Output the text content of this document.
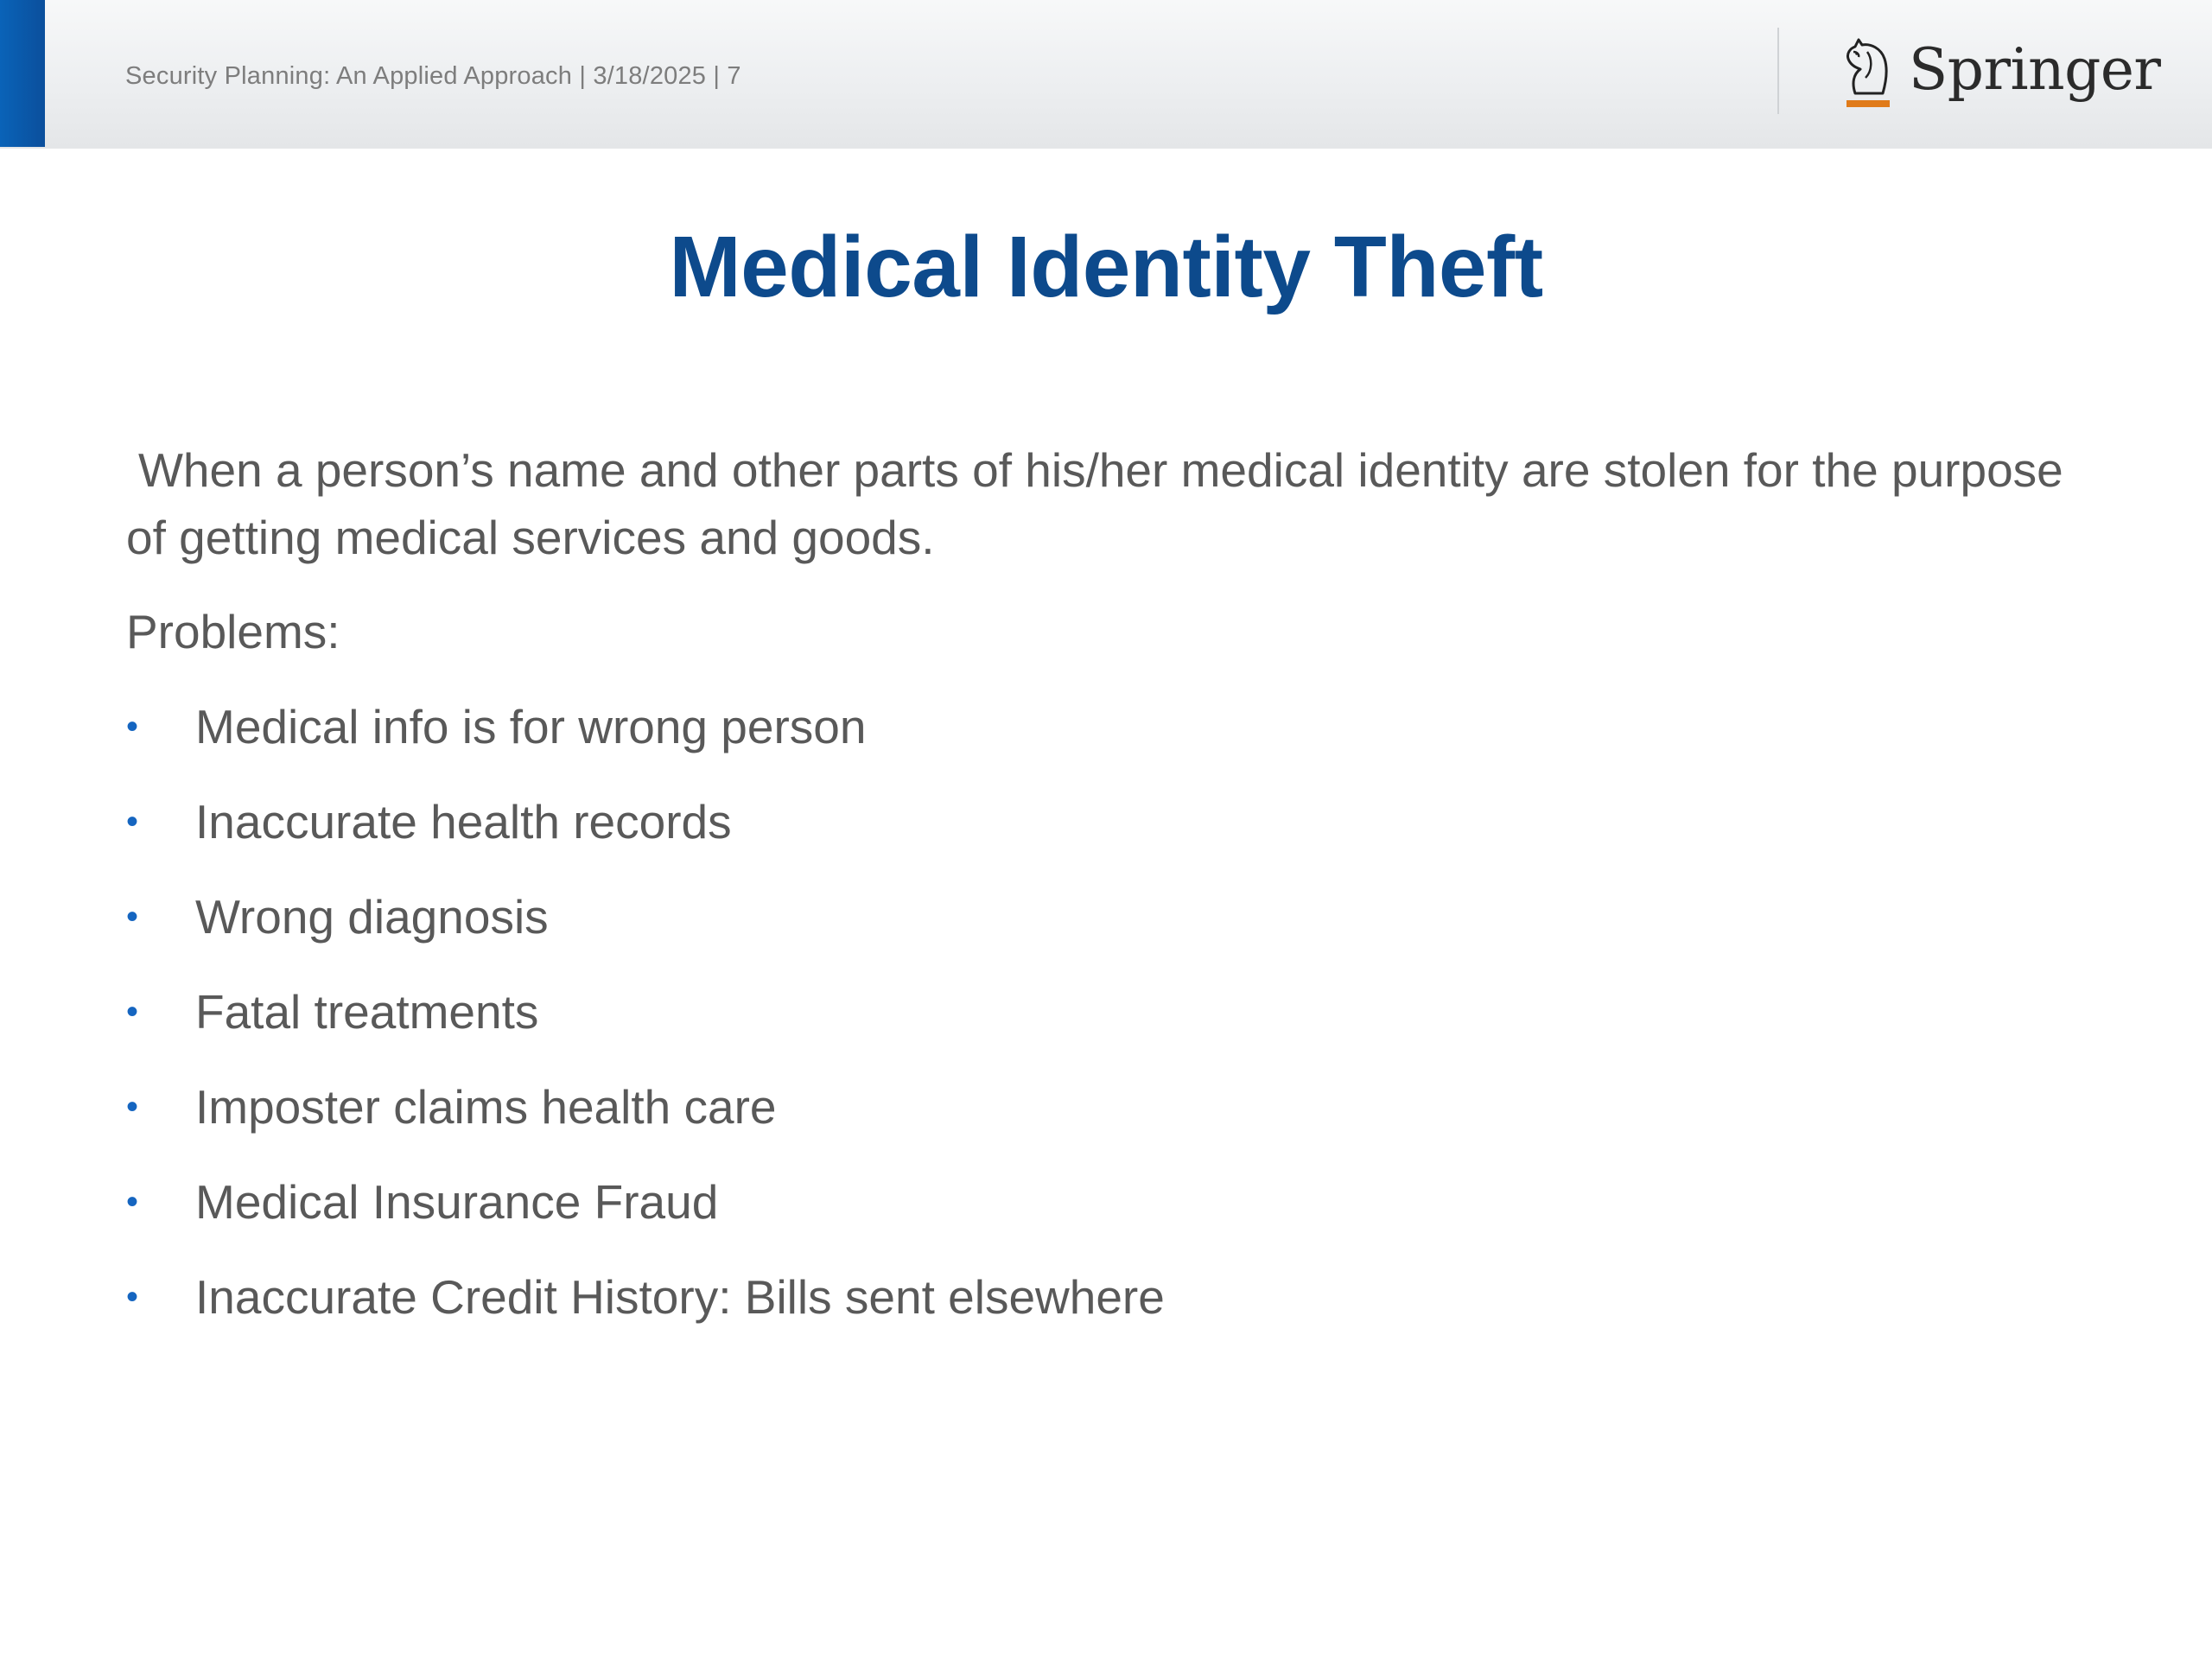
Security Planning: An Applied Approach | 3/18/2025 | 7	Springer
Medical Identity Theft

When a person’s name and other parts of his/her medical identity are stolen for the purpose of getting medical services and goods.

Problems:

•	Medical info is for wrong person
•	Inaccurate health records
•	Wrong diagnosis
•	Fatal treatments
•	Imposter claims health care
•	Medical Insurance Fraud
•	Inaccurate Credit History: Bills sent elsewhere
